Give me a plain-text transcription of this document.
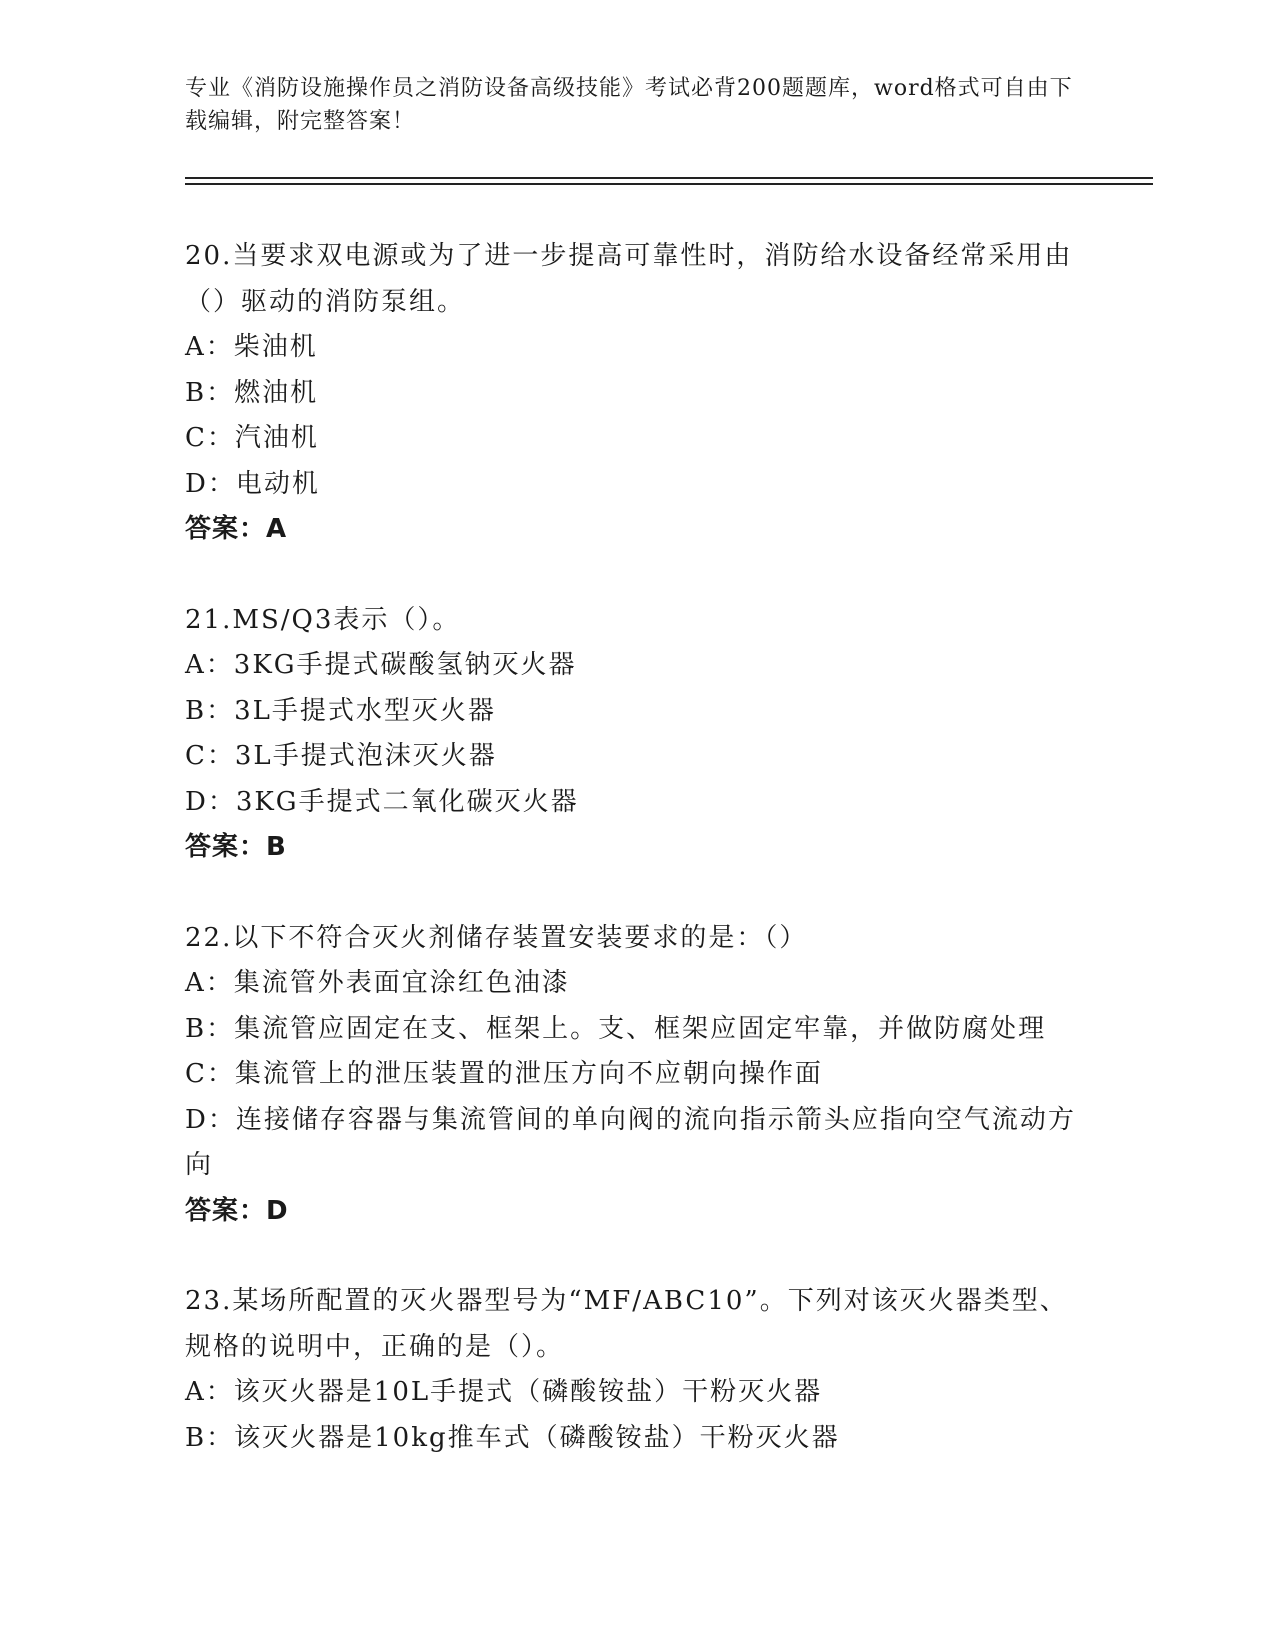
专业《消防设施操作员之消防设备高级技能》考试必背200题题库，word格式可自由下载编辑，附完整答案！
20.当要求双电源或为了进一步提高可靠性时，消防给水设备经常采用由（）驱动的消防泵组。
A：柴油机
B：燃油机
C：汽油机
D：电动机
答案：A
21.MS/Q3表示（）。
A：3KG手提式碳酸氢钠灭火器
B：3L手提式水型灭火器
C：3L手提式泡沫灭火器
D：3KG手提式二氧化碳灭火器
答案：B
22.以下不符合灭火剂储存装置安装要求的是：（）
A：集流管外表面宜涂红色油漆
B：集流管应固定在支、框架上。支、框架应固定牢靠，并做防腐处理
C：集流管上的泄压装置的泄压方向不应朝向操作面
D：连接储存容器与集流管间的单向阀的流向指示箭头应指向空气流动方向
答案：D
23.某场所配置的灭火器型号为“MF/ABC10”。下列对该灭火器类型、规格的说明中，正确的是（）。
A：该灭火器是10L手提式（磷酸铵盐）干粉灭火器
B：该灭火器是10kg推车式（磷酸铵盐）干粉灭火器
